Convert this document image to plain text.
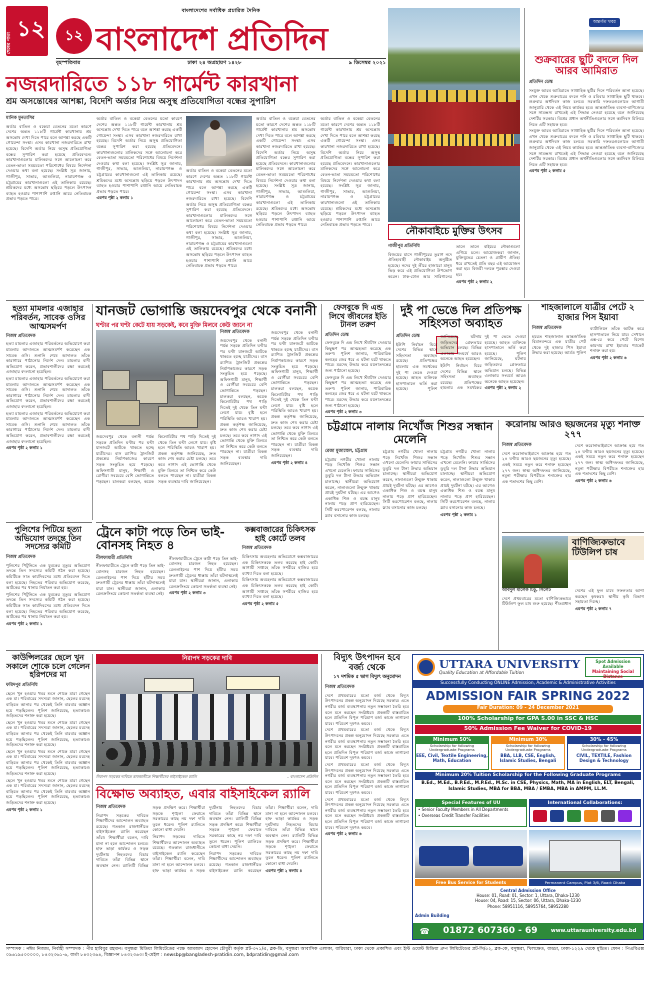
শেষের পাতা
১২
বাংলাদেশের সর্বাধিক প্রচারিত দৈনিক
১২ বাংলাদেশ প্রতিদিন
বৃহস্পতিবার	ঢাকা ২৪ অগ্রহায়ণ ১৪২৮	৯ ডিসেম্বর ২০২১
নজরদারিতে ১১৮ গার্মেন্ট কারখানা
শ্রম অসন্তোষের আশঙ্কা, বিদেশি অর্ডার নিয়ে অসুস্থ প্রতিযোগিতা বন্ধের সুপারিশ
মানিক মুনতাসির

অর্ডার বাতিল ও বকেয়া বেতনের মতো কারণে দেশের অন্তত ১১৮টি গার্মেন্ট কারখানায় শ্রম অসন্তোষ দেখা দিতে পারে বলে আশঙ্কা করছে একটি গোয়েন্দা সংস্থা। এসব কারখানা নজরদারিতে রাখা হয়েছে। বিদেশি অর্ডার নিয়ে অসুস্থ প্রতিযোগিতা বন্ধের সুপারিশ করা হয়েছে প্রতিবেদনে। কারখানাগুলোর মালিকদের সঙ্গে আলোচনা করে বেতন-ভাতা সময়মতো পরিশোধের বিষয়ে নির্দেশনা দেওয়ার কথা বলা হয়েছে। সংশ্লিষ্ট সূত্র জানায়, গাজীপুর, সাভার, আশুলিয়া, নারায়ণগঞ্জ ও চট্টগ্রামের কারখানাগুলো এই তালিকায় রয়েছে। শ্রমিকদের মধ্যে অসন্তোষ ছড়িয়ে পড়লে উৎপাদন ব্যাহত হওয়ার পাশাপাশি রপ্তানি আয়ে নেতিবাচক প্রভাব পড়তে পারে।

অর্ডার বাতিল ও বকেয়া বেতনের মতো কারণে দেশের অন্তত ১১৮টি গার্মেন্ট কারখানায় শ্রম অসন্তোষ দেখা দিতে পারে বলে আশঙ্কা করছে একটি গোয়েন্দা সংস্থা। এসব কারখানা নজরদারিতে রাখা হয়েছে। বিদেশি অর্ডার নিয়ে অসুস্থ প্রতিযোগিতা বন্ধের সুপারিশ করা হয়েছে প্রতিবেদনে। কারখানাগুলোর মালিকদের সঙ্গে আলোচনা করে বেতন-ভাতা সময়মতো পরিশোধের বিষয়ে নির্দেশনা দেওয়ার কথা বলা হয়েছে। সংশ্লিষ্ট সূত্র জানায়, গাজীপুর, সাভার, আশুলিয়া, নারায়ণগঞ্জ ও চট্টগ্রামের কারখানাগুলো এই তালিকায় রয়েছে। শ্রমিকদের মধ্যে অসন্তোষ ছড়িয়ে পড়লে উৎপাদন ব্যাহত হওয়ার পাশাপাশি রপ্তানি আয়ে নেতিবাচক প্রভাব পড়তে পারে।

এরপর পৃষ্ঠা ২ কলাম ১

অর্ডার বাতিল ও বকেয়া বেতনের মতো কারণে দেশের অন্তত ১১৮টি গার্মেন্ট কারখানায় শ্রম অসন্তোষ দেখা দিতে পারে বলে আশঙ্কা করছে একটি গোয়েন্দা সংস্থা। এসব কারখানা নজরদারিতে রাখা হয়েছে। বিদেশি অর্ডার নিয়ে অসুস্থ প্রতিযোগিতা বন্ধের সুপারিশ করা হয়েছে প্রতিবেদনে। কারখানাগুলোর মালিকদের সঙ্গে আলোচনা করে বেতন-ভাতা সময়মতো পরিশোধের বিষয়ে নির্দেশনা দেওয়ার কথা বলা হয়েছে। সংশ্লিষ্ট সূত্র জানায়, গাজীপুর, সাভার, আশুলিয়া, নারায়ণগঞ্জ ও চট্টগ্রামের কারখানাগুলো এই তালিকায় রয়েছে। শ্রমিকদের মধ্যে অসন্তোষ ছড়িয়ে পড়লে উৎপাদন ব্যাহত হওয়ার পাশাপাশি রপ্তানি আয়ে নেতিবাচক প্রভাব পড়তে পারে।

অর্ডার বাতিল ও বকেয়া বেতনের মতো কারণে দেশের অন্তত ১১৮টি গার্মেন্ট কারখানায় শ্রম অসন্তোষ দেখা দিতে পারে বলে আশঙ্কা করছে একটি গোয়েন্দা সংস্থা। এসব কারখানা নজরদারিতে রাখা হয়েছে। বিদেশি অর্ডার নিয়ে অসুস্থ প্রতিযোগিতা বন্ধের সুপারিশ করা হয়েছে প্রতিবেদনে। কারখানাগুলোর মালিকদের সঙ্গে আলোচনা করে বেতন-ভাতা সময়মতো পরিশোধের বিষয়ে নির্দেশনা দেওয়ার কথা বলা হয়েছে। সংশ্লিষ্ট সূত্র জানায়, গাজীপুর, সাভার, আশুলিয়া, নারায়ণগঞ্জ ও চট্টগ্রামের কারখানাগুলো এই তালিকায় রয়েছে। শ্রমিকদের মধ্যে অসন্তোষ ছড়িয়ে পড়লে উৎপাদন ব্যাহত হওয়ার পাশাপাশি রপ্তানি আয়ে নেতিবাচক প্রভাব পড়তে পারে।

অর্ডার বাতিল ও বকেয়া বেতনের মতো কারণে দেশের অন্তত ১১৮টি গার্মেন্ট কারখানায় শ্রম অসন্তোষ দেখা দিতে পারে বলে আশঙ্কা করছে একটি গোয়েন্দা সংস্থা। এসব কারখানা নজরদারিতে রাখা হয়েছে। বিদেশি অর্ডার নিয়ে অসুস্থ প্রতিযোগিতা বন্ধের সুপারিশ করা হয়েছে প্রতিবেদনে। কারখানাগুলোর মালিকদের সঙ্গে আলোচনা করে বেতন-ভাতা সময়মতো পরিশোধের বিষয়ে নির্দেশনা দেওয়ার কথা বলা হয়েছে। সংশ্লিষ্ট সূত্র জানায়, গাজীপুর, সাভার, আশুলিয়া, নারায়ণগঞ্জ ও চট্টগ্রামের কারখানাগুলো এই তালিকায় রয়েছে। শ্রমিকদের মধ্যে অসন্তোষ ছড়িয়ে পড়লে উৎপাদন ব্যাহত হওয়ার পাশাপাশি রপ্তানি আয়ে নেতিবাচক প্রভাব পড়তে পারে।

অন্তর্গত খবর
শুক্রবারের ছুটি বদলে দিল আরব আমিরাত
প্রতিদিন ডেস্ক

সংযুক্ত আরব আমিরাতে সাপ্তাহিক ছুটির দিনে পরিবর্তন আনা হয়েছে। এখন থেকে শুক্রবারের বদলে শনি ও রবিবার সাপ্তাহিক ছুটি থাকবে। শুক্রবার অর্ধদিবস কাজ চলবে। সরকারি দফতরগুলোতে আগামী জানুয়ারি থেকে এই নিয়ম কার্যকর হবে। আন্তর্জাতিক ব্যবসা-বাণিজ্যের সঙ্গে সামঞ্জস্য রাখতেই এই সিদ্ধান্ত নেওয়া হয়েছে বলে জানিয়েছে দেশটির সরকার। বিশ্বের প্রধান অর্থনীতিগুলোর সঙ্গে কর্মদিবস মিলিয়ে নিতে এটি সহায়ক হবে।

সংযুক্ত আরব আমিরাতে সাপ্তাহিক ছুটির দিনে পরিবর্তন আনা হয়েছে। এখন থেকে শুক্রবারের বদলে শনি ও রবিবার সাপ্তাহিক ছুটি থাকবে। শুক্রবার অর্ধদিবস কাজ চলবে। সরকারি দফতরগুলোতে আগামী জানুয়ারি থেকে এই নিয়ম কার্যকর হবে। আন্তর্জাতিক ব্যবসা-বাণিজ্যের সঙ্গে সামঞ্জস্য রাখতেই এই সিদ্ধান্ত নেওয়া হয়েছে বলে জানিয়েছে দেশটির সরকার। বিশ্বের প্রধান অর্থনীতিগুলোর সঙ্গে কর্মদিবস মিলিয়ে নিতে এটি সহায়ক হবে।

এরপর পৃষ্ঠা ২ কলাম ৫
নৌকাবাইচে মুক্তির উৎসব
গাজীপুর প্রতিনিধি

বিজয়ের মাসে গাজীপুরের তুরাগ নদে ঐতিহ্যবাহী নৌকাবাইচ অনুষ্ঠিত হয়েছে। নদের দুই তীরে হাজারো মানুষ ভিড় করে এই প্রতিযোগিতা উপভোগ করেন। ঢাক-ঢোল আর সারিগানের তালে তালে বাইচের নৌকাগুলো এগিয়ে চলে। আয়োজকরা জানান, মুক্তিযুদ্ধের চেতনা ও গ্রামীণ ঐতিহ্য ধরে রাখতেই প্রতি বছর এই আয়োজন করা হয়। বিজয়ী দলকে পুরস্কার দেওয়া হয়।

এরপর পৃষ্ঠা ২ কলাম ২
হত্যা মামলার এজাহার পরিবর্তন, সাবেক ওসির আত্মসমর্পণ
নিজস্ব প্রতিবেদক

হত্যা মামলার এজাহার পরিবর্তনের অভিযোগে করা মামলায় আদালতে আত্মসমর্পণ করেছেন এক সাবেক ওসি। শুনানি শেষে আদালত তাঁকে কারাগারে পাঠানোর নির্দেশ দেন। মামলার বাদী অভিযোগ করেন, প্রভাবশালীদের রক্ষা করতেই এজাহার বদলানো হয়েছিল।

হত্যা মামলার এজাহার পরিবর্তনের অভিযোগে করা মামলায় আদালতে আত্মসমর্পণ করেছেন এক সাবেক ওসি। শুনানি শেষে আদালত তাঁকে কারাগারে পাঠানোর নির্দেশ দেন। মামলার বাদী অভিযোগ করেন, প্রভাবশালীদের রক্ষা করতেই এজাহার বদলানো হয়েছিল।

হত্যা মামলার এজাহার পরিবর্তনের অভিযোগে করা মামলায় আদালতে আত্মসমর্পণ করেছেন এক সাবেক ওসি। শুনানি শেষে আদালত তাঁকে কারাগারে পাঠানোর নির্দেশ দেন। মামলার বাদী অভিযোগ করেন, প্রভাবশালীদের রক্ষা করতেই এজাহার বদলানো হয়েছিল।

এরপর পৃষ্ঠা ২ কলাম ১
যানজট ভোগান্তি জয়দেবপুর থেকে বনানী
ঘণ্টার পর ঘণ্টা কেটে যায় সড়কেই, কবে মুক্তি মিলবে কেউ জানে না

জয়দেবপুর থেকে বনানী পর্যন্ত সড়কে প্রতিদিন ঘণ্টার পর ঘণ্টা যানজটে আটকে থাকতে হচ্ছে যাত্রীদের। বাস র‌্যাপিড ট্রানজিট প্রকল্পের নির্মাণকাজের কারণে সড়ক সংকুচিত হয়ে পড়েছে। অফিসগামী মানুষ, শিক্ষার্থী ও রোগীরা সবচেয়ে বেশি ভোগান্তিতে পড়ছেন। চালকরা বলছেন, কয়েক কিলোমিটার পথ পাড়ি দিতেই দুই থেকে তিন ঘণ্টা লেগে যায়। বৃষ্টি হলে পরিস্থিতি আরও খারাপ হয়। প্রকল্প কর্তৃপক্ষ জানিয়েছে, দ্রুত কাজ শেষ করার চেষ্টা চলছে। তবে কবে নাগাদ এই ভোগান্তি থেকে মুক্তি মিলবে তা নিশ্চিত করে কেউ বলতে পারছেন না। যাত্রীরা বিকল্প সড়ক ব্যবস্থার দাবি জানিয়েছেন।

নিজস্ব প্রতিবেদক

জয়দেবপুর থেকে বনানী পর্যন্ত সড়কে প্রতিদিন ঘণ্টার পর ঘণ্টা যানজটে আটকে থাকতে হচ্ছে যাত্রীদের। বাস র‌্যাপিড ট্রানজিট প্রকল্পের নির্মাণকাজের কারণে সড়ক সংকুচিত হয়ে পড়েছে। অফিসগামী মানুষ, শিক্ষার্থী ও রোগীরা সবচেয়ে বেশি ভোগান্তিতে পড়ছেন। চালকরা বলছেন, কয়েক কিলোমিটার পথ পাড়ি দিতেই দুই থেকে তিন ঘণ্টা লেগে যায়। বৃষ্টি হলে পরিস্থিতি আরও খারাপ হয়। প্রকল্প কর্তৃপক্ষ জানিয়েছে, দ্রুত কাজ শেষ করার চেষ্টা চলছে। তবে কবে নাগাদ এই ভোগান্তি থেকে মুক্তি মিলবে তা নিশ্চিত করে কেউ বলতে পারছেন না। যাত্রীরা বিকল্প সড়ক ব্যবস্থার দাবি জানিয়েছেন।

জয়দেবপুর থেকে বনানী পর্যন্ত সড়কে প্রতিদিন ঘণ্টার পর ঘণ্টা যানজটে আটকে থাকতে হচ্ছে যাত্রীদের। বাস র‌্যাপিড ট্রানজিট প্রকল্পের নির্মাণকাজের কারণে সড়ক সংকুচিত হয়ে পড়েছে। অফিসগামী মানুষ, শিক্ষার্থী ও রোগীরা সবচেয়ে বেশি ভোগান্তিতে পড়ছেন। চালকরা বলছেন, কয়েক কিলোমিটার পথ পাড়ি দিতেই দুই থেকে তিন ঘণ্টা লেগে যায়। বৃষ্টি হলে পরিস্থিতি আরও খারাপ হয়। প্রকল্প কর্তৃপক্ষ জানিয়েছে, দ্রুত কাজ শেষ করার চেষ্টা চলছে। তবে কবে নাগাদ এই ভোগান্তি থেকে মুক্তি মিলবে তা নিশ্চিত করে কেউ বলতে পারছেন না। যাত্রীরা বিকল্প সড়ক ব্যবস্থার দাবি জানিয়েছেন।

এরপর পৃষ্ঠা ২ কলাম ৪
ফেসবুকে দি এন্ড লিখে জীবনের ইতি টানল তরুণ
প্রতিদিন ডেস্ক

ফেসবুকে দি এন্ড লিখে স্ট্যাটাস দেওয়ার কিছুক্ষণ পর আত্মহত্যা করেছে এক তরুণ। পুলিশ জানায়, পারিবারিক কলহের জের ধরে এ ঘটনা ঘটে থাকতে পারে। মরদেহ উদ্ধার করে ময়নাতদন্তের জন্য পাঠানো হয়েছে।

ফেসবুকে দি এন্ড লিখে স্ট্যাটাস দেওয়ার কিছুক্ষণ পর আত্মহত্যা করেছে এক তরুণ। পুলিশ জানায়, পারিবারিক কলহের জের ধরে এ ঘটনা ঘটে থাকতে পারে। মরদেহ উদ্ধার করে ময়নাতদন্তের জন্য পাঠানো হয়েছে।

এরপর পৃষ্ঠা ২ কলাম ৩
দুই পা ভেঙে দিল প্রতিপক্ষ সহিংসতা অব্যাহত
প্রতিদিন ডেস্ক

ইউপি নির্বাচন ঘিরে দেশের বিভিন্ন স্থানে সহিংসতা অব্যাহত রয়েছে। প্রতিপক্ষের হামলায় এক সমর্থকের দুই পা ভেঙে দেওয়া হয়েছে। আহত ব্যক্তিকে হাসপাতালে ভর্তি করা হয়েছে। পুলিশ জানিয়েছে, ঘটনায় জড়িতদের গ্রেফতারে অভিযান চলছে। বিভিন্ন এলাকায় সংঘর্ষে আরও অনেকে আহত হয়েছেন।

ইউপি নির্বাচন ঘিরে দেশের বিভিন্ন স্থানে সহিংসতা অব্যাহত রয়েছে। প্রতিপক্ষের হামলায় এক সমর্থকের দুই পা ভেঙে দেওয়া হয়েছে। আহত ব্যক্তিকে হাসপাতালে ভর্তি করা হয়েছে। পুলিশ জানিয়েছে, ঘটনায় জড়িতদের গ্রেফতারে অভিযান চলছে। বিভিন্ন এলাকায় সংঘর্ষে আরও অনেকে আহত হয়েছেন।

এরপর পৃষ্ঠা ২ কলাম ২
শাহজালালে যাত্রীর পেটে ২ হাজার পিস ইয়াবা
নিজস্ব প্রতিবেদক

হযরত শাহজালাল আন্তর্জাতিক বিমানবন্দরে এক যাত্রীর পেট থেকে দুই হাজার পিস ইয়াবা উদ্ধার করা হয়েছে। আর্মড পুলিশ ব্যাটালিয়ন তাঁকে আটক করে হাসপাতালে নিয়ে যায়। সেখানে এক্স-রে করে পেটে বিশেষ কায়দায় রাখা ইয়াবার প্যাকেট শনাক্ত করা হয়।

এরপর পৃষ্ঠা ২ কলাম ৬
পুলিশের পিটিয়ে হত্যা অভিযোগ তদন্তে তিন সদস্যের কমিটি
নিজস্ব প্রতিবেদক

পুলিশের পিটুনিতে এক যুবকের মৃত্যুর অভিযোগ তদন্তে তিন সদস্যের কমিটি গঠন করা হয়েছে। কমিটিকে সাত কার্যদিবসের মধ্যে প্রতিবেদন দিতে বলা হয়েছে। নিহতের পরিবার অভিযোগ করেছে, আটকের পর থানায় নির্যাতন করা হয়।

পুলিশের পিটুনিতে এক যুবকের মৃত্যুর অভিযোগ তদন্তে তিন সদস্যের কমিটি গঠন করা হয়েছে। কমিটিকে সাত কার্যদিবসের মধ্যে প্রতিবেদন দিতে বলা হয়েছে। নিহতের পরিবার অভিযোগ করেছে, আটকের পর থানায় নির্যাতন করা হয়।

এরপর পৃষ্ঠা ২ কলাম ১
ট্রেনে কাটা পড়ে তিন ভাই-বোনসহ নিহত ৪
নীলফামারী প্রতিনিধি

নীলফামারীতে ট্রেনে কাটা পড়ে তিন ভাই-বোনসহ চারজন নিহত হয়েছেন। রেললাইনের পাশ দিয়ে হাঁটার সময় দ্রুতগামী ট্রেনের ধাক্কায় তাঁরা ঘটনাস্থলেই মারা যান। স্থানীয়রা জানান, এলাকায় রেলক্রসিংয়ে কোনো সতর্কতা ব্যবস্থা নেই।

নীলফামারীতে ট্রেনে কাটা পড়ে তিন ভাই-বোনসহ চারজন নিহত হয়েছেন। রেললাইনের পাশ দিয়ে হাঁটার সময় দ্রুতগামী ট্রেনের ধাক্কায় তাঁরা ঘটনাস্থলেই মারা যান। স্থানীয়রা জানান, এলাকায় রেলক্রসিংয়ে কোনো সতর্কতা ব্যবস্থা নেই।

এরপর পৃষ্ঠা ২ কলাম ৩
কক্সবাজারের চিকিৎসক হাই কোর্টে তলব
নিজস্ব প্রতিবেদক

চিকিৎসায় অবহেলার অভিযোগে কক্সবাজারের এক চিকিৎসককে তলব করেছে হাই কোর্ট। আগামী সপ্তাহে তাঁকে সশরীরে হাজির হয়ে ব্যাখ্যা দিতে বলা হয়েছে।

চিকিৎসায় অবহেলার অভিযোগে কক্সবাজারের এক চিকিৎসককে তলব করেছে হাই কোর্ট। আগামী সপ্তাহে তাঁকে সশরীরে হাজির হয়ে ব্যাখ্যা দিতে বলা হয়েছে।

এরপর পৃষ্ঠা ২ কলাম ৫
চট্টগ্রামে নালায় নিখোঁজ শিশুর সন্ধান মেলেনি
রেজা মুজাম্মেল, চট্টগ্রাম

চট্টগ্রাম নগরীর খোলা নালায় পড়ে নিখোঁজ শিশুর সন্ধান এখনো মেলেনি। ফায়ার সার্ভিসের ডুবুরি দল টানা উদ্ধার অভিযান চালাচ্ছে। স্থানীয়রা অভিযোগ করেন, নালাগুলো উন্মুক্ত থাকায় প্রায়ই দুর্ঘটনা ঘটছে। এর আগেও একাধিক শিশু ও বয়স্ক মানুষ নালায় পড়ে প্রাণ হারিয়েছেন। সিটি করপোরেশন বলছে, নালায় স্ল্যাব বসানোর কাজ চলছে।

চট্টগ্রাম নগরীর খোলা নালায় পড়ে নিখোঁজ শিশুর সন্ধান এখনো মেলেনি। ফায়ার সার্ভিসের ডুবুরি দল টানা উদ্ধার অভিযান চালাচ্ছে। স্থানীয়রা অভিযোগ করেন, নালাগুলো উন্মুক্ত থাকায় প্রায়ই দুর্ঘটনা ঘটছে। এর আগেও একাধিক শিশু ও বয়স্ক মানুষ নালায় পড়ে প্রাণ হারিয়েছেন। সিটি করপোরেশন বলছে, নালায় স্ল্যাব বসানোর কাজ চলছে।

চট্টগ্রাম নগরীর খোলা নালায় পড়ে নিখোঁজ শিশুর সন্ধান এখনো মেলেনি। ফায়ার সার্ভিসের ডুবুরি দল টানা উদ্ধার অভিযান চালাচ্ছে। স্থানীয়রা অভিযোগ করেন, নালাগুলো উন্মুক্ত থাকায় প্রায়ই দুর্ঘটনা ঘটছে। এর আগেও একাধিক শিশু ও বয়স্ক মানুষ নালায় পড়ে প্রাণ হারিয়েছেন। সিটি করপোরেশন বলছে, নালায় স্ল্যাব বসানোর কাজ চলছে।

এরপর পৃষ্ঠা ২ কলাম ১
করোনায় আরও ছয়জনের মৃত্যু শনাক্ত ২৭৭
নিজস্ব প্রতিবেদক

দেশে করোনাভাইরাসে আক্রান্ত হয়ে গত ২৪ ঘণ্টায় আরও ছয়জনের মৃত্যু হয়েছে। একই সময়ে নতুন করে শনাক্ত হয়েছেন ২৭৭ জন। স্বাস্থ্য অধিদফতর জানিয়েছে, নমুনা পরীক্ষার বিপরীতে শনাক্তের হার এক শতাংশের কিছু বেশি।

দেশে করোনাভাইরাসে আক্রান্ত হয়ে গত ২৪ ঘণ্টায় আরও ছয়জনের মৃত্যু হয়েছে। একই সময়ে নতুন করে শনাক্ত হয়েছেন ২৭৭ জন। স্বাস্থ্য অধিদফতর জানিয়েছে, নমুনা পরীক্ষার বিপরীতে শনাক্তের হার এক শতাংশের কিছু বেশি।

এরপর পৃষ্ঠা ২ কলাম ৬
বাণিজ্যিকভাবে টিউলিপ চাষ
আবদুল মালেক টিটু, সিলেট

দেশে প্রথমবারের মতো বাণিজ্যিকভাবে টিউলিপ ফুল চাষ শুরু হয়েছে। শীতপ্রধান দেশের এই ফুল চাষে সফলতার আশা করছেন কৃষকরা। স্থানীয় কৃষি বিভাগ সহায়তা দিচ্ছে।

এরপর পৃষ্ঠা ২ কলাম ৭
কাউন্সিলরের ছেলে খুন সকালে শোকে চলে গেলেন হরিপদের মা
ফরিদপুর প্রতিনিধি

ছেলে খুন হওয়ার খবর শুনে শোকে মারা গেছেন এক মা। পরিবারের সদস্যরা জানান, ছেলের মরদেহ বাড়িতে আনার পর থেকেই তিনি বারবার অজ্ঞান হয়ে পড়ছিলেন। পুলিশ জানিয়েছে, হত্যাকাণ্ডে জড়িতদের শনাক্ত করা হয়েছে।

ছেলে খুন হওয়ার খবর শুনে শোকে মারা গেছেন এক মা। পরিবারের সদস্যরা জানান, ছেলের মরদেহ বাড়িতে আনার পর থেকেই তিনি বারবার অজ্ঞান হয়ে পড়ছিলেন। পুলিশ জানিয়েছে, হত্যাকাণ্ডে জড়িতদের শনাক্ত করা হয়েছে।

ছেলে খুন হওয়ার খবর শুনে শোকে মারা গেছেন এক মা। পরিবারের সদস্যরা জানান, ছেলের মরদেহ বাড়িতে আনার পর থেকেই তিনি বারবার অজ্ঞান হয়ে পড়ছিলেন। পুলিশ জানিয়েছে, হত্যাকাণ্ডে জড়িতদের শনাক্ত করা হয়েছে।

ছেলে খুন হওয়ার খবর শুনে শোকে মারা গেছেন এক মা। পরিবারের সদস্যরা জানান, ছেলের মরদেহ বাড়িতে আনার পর থেকেই তিনি বারবার অজ্ঞান হয়ে পড়ছিলেন। পুলিশ জানিয়েছে, হত্যাকাণ্ডে জড়িতদের শনাক্ত করা হয়েছে।

এরপর পৃষ্ঠা ২ কলাম ১
নিরাপদ সড়কের দাবি
নিরাপদ সড়কের দাবিতে রাজধানীতে শিক্ষার্থীদের বাইসাইকেল র‌্যালি	– বাংলাদেশ প্রতিদিন
বিক্ষোভ অব্যাহত, এবার বাইসাইকেল র‌্যালি
নিজস্ব প্রতিবেদক

নিরাপদ সড়কের দাবিতে শিক্ষার্থীদের আন্দোলন অব্যাহত রয়েছে। গতকাল রাজধানীতে বাইসাইকেল র‌্যালি করেছেন তাঁরা। শিক্ষার্থীরা বলেন, দাবি মানা না হলে আন্দোলন চলবে। হাফ ভাড়া কার্যকর ও সড়ক দুর্ঘটনায় নিহতদের বিচার দাবিতে তাঁরা বিভিন্ন স্থানে অবস্থান নেন। র‌্যালিটি বিভিন্ন সড়ক প্রদক্ষিণ করে। শিক্ষার্থীরা সড়কে শৃঙ্খলা ফেরাতে সরকারের কাছে নয় দফা দাবি তুলে ধরেন। পুলিশ র‌্যালিতে কোনো বাধা দেয়নি।

নিরাপদ সড়কের দাবিতে শিক্ষার্থীদের আন্দোলন অব্যাহত রয়েছে। গতকাল রাজধানীতে বাইসাইকেল র‌্যালি করেছেন তাঁরা। শিক্ষার্থীরা বলেন, দাবি মানা না হলে আন্দোলন চলবে। হাফ ভাড়া কার্যকর ও সড়ক দুর্ঘটনায় নিহতদের বিচার দাবিতে তাঁরা বিভিন্ন স্থানে অবস্থান নেন। র‌্যালিটি বিভিন্ন সড়ক প্রদক্ষিণ করে। শিক্ষার্থীরা সড়কে শৃঙ্খলা ফেরাতে সরকারের কাছে নয় দফা দাবি তুলে ধরেন। পুলিশ র‌্যালিতে কোনো বাধা দেয়নি।

নিরাপদ সড়কের দাবিতে শিক্ষার্থীদের আন্দোলন অব্যাহত রয়েছে। গতকাল রাজধানীতে বাইসাইকেল র‌্যালি করেছেন তাঁরা। শিক্ষার্থীরা বলেন, দাবি মানা না হলে আন্দোলন চলবে। হাফ ভাড়া কার্যকর ও সড়ক দুর্ঘটনায় নিহতদের বিচার দাবিতে তাঁরা বিভিন্ন স্থানে অবস্থান নেন। র‌্যালিটি বিভিন্ন সড়ক প্রদক্ষিণ করে। শিক্ষার্থীরা সড়কে শৃঙ্খলা ফেরাতে সরকারের কাছে নয় দফা দাবি তুলে ধরেন। পুলিশ র‌্যালিতে কোনো বাধা দেয়নি।

এরপর পৃষ্ঠা ২ কলাম ৪
বিদ্যুৎ উৎপাদন হবে বর্জ্য থেকে
১৭ দশমিক ৫ ভাগ বিদ্যুৎ অনুমোদন
নিজস্ব প্রতিবেদক

দেশে প্রথমবারের মতো বর্জ্য থেকে বিদ্যুৎ উৎপাদনের প্রকল্প অনুমোদন দিয়েছে সরকার। এতে নগরীর বর্জ্য ব্যবস্থাপনায় নতুন সম্ভাবনা তৈরি হবে বলে মনে করছেন সংশ্লিষ্টরা। প্রকল্পটি বাস্তবায়িত হলে প্রতিদিন বিপুল পরিমাণ বর্জ্য কাজে লাগানো যাবে। পরিবেশ দূষণও কমবে।

দেশে প্রথমবারের মতো বর্জ্য থেকে বিদ্যুৎ উৎপাদনের প্রকল্প অনুমোদন দিয়েছে সরকার। এতে নগরীর বর্জ্য ব্যবস্থাপনায় নতুন সম্ভাবনা তৈরি হবে বলে মনে করছেন সংশ্লিষ্টরা। প্রকল্পটি বাস্তবায়িত হলে প্রতিদিন বিপুল পরিমাণ বর্জ্য কাজে লাগানো যাবে। পরিবেশ দূষণও কমবে।

দেশে প্রথমবারের মতো বর্জ্য থেকে বিদ্যুৎ উৎপাদনের প্রকল্প অনুমোদন দিয়েছে সরকার। এতে নগরীর বর্জ্য ব্যবস্থাপনায় নতুন সম্ভাবনা তৈরি হবে বলে মনে করছেন সংশ্লিষ্টরা। প্রকল্পটি বাস্তবায়িত হলে প্রতিদিন বিপুল পরিমাণ বর্জ্য কাজে লাগানো যাবে। পরিবেশ দূষণও কমবে।

দেশে প্রথমবারের মতো বর্জ্য থেকে বিদ্যুৎ উৎপাদনের প্রকল্প অনুমোদন দিয়েছে সরকার। এতে নগরীর বর্জ্য ব্যবস্থাপনায় নতুন সম্ভাবনা তৈরি হবে বলে মনে করছেন সংশ্লিষ্টরা। প্রকল্পটি বাস্তবায়িত হলে প্রতিদিন বিপুল পরিমাণ বর্জ্য কাজে লাগানো যাবে। পরিবেশ দূষণও কমবে।

এরপর পৃষ্ঠা ২ কলাম ৬
UTTARA UNIVERSITY
Quality Education at Affordable Tuition
Spot Admission Available
Maintaining Social Distance
Successfully Conducting ONLINE Admission, Academic & Administrative Activities
ADMISSION FAIR SPRING 2022
Fair Duration: 09 - 24 December 2021
100% Scholarship for GPA 5.00 in SSC & HSC
50% Admission Fee Waiver for COVID-19
Minimum 50%
Scholarship for following Undergraduate Programs
EEE, Civil, Textile Engineering, Math, Education
Minimum 30%
Scholarship for following Undergraduate Programs
BBA, LLB, CSE, English, Islamic Studies, Bengali
30% - 45%
Scholarship for following Undergraduate Programs
CIVIL, TEXTILE, Fashion Design & Technology
Minimum 20% Tuition Scholarship for the Following Graduate Programs
B.Ed., M.Ed., B.P.Ed., M.P.Ed., M.Sc. in CSE, Physics, Math, MA in English, ELT, Bengali, Islamic Studies, MBA for BBA, MBA / EMBA, MBA in AMPM, LL.M.
Special Features of UU
• Senior Faculty Members in All Departments
• Overseas Credit Transfer Facilities
International Collaborations:
Free Bus Service for Students	Permanent Campus, Plot 3/6, Road: Dhaka
Central Admission Office
House: 01, Road: 01, Sector: 1, Uttara, Dhaka-1230
House: 04, Road: 15, Sector: 06, Uttara, Dhaka-1230
Phone: 58951116, 58955764, 58952280
Admin Building
☎ 01872 607360 - 69	www.uttarauniversity.edu.bd
সম্পাদক : নঈম নিজাম, নির্বাহী সম্পাদক : পীর হাবিবুর রহমান। বসুন্ধরা মিডিয়া লিমিটেডের পক্ষে আমজাদ হোসেন চৌধুরী কর্তৃক প্লট-৩৭১/এ, ব্লক-ডি, বসুন্ধরা আবাসিক এলাকা, বারিধারা, ঢাকা থেকে প্রকাশিত এবং ইস্ট ওয়েস্ট মিডিয়া গ্রুপ লিমিটেডের প্লট-সি/৫২, ব্লক-কে, বসুন্ধরা, খিলক্ষেত, বাড্ডা, ঢাকা-১২২৯ থেকে মুদ্রিত। ফোন : পিএবিএক্স ০৯৬১৯৫০০০০০, ৮৪৩২৩৬১-৬, বার্তা ৮৪৩২৩৬৪, বিজ্ঞাপন ৮৪৩২৩৬৩। ই-মেইল : newsbp@bangladesh-pratidin.com, bdpratidin@gmail.com
